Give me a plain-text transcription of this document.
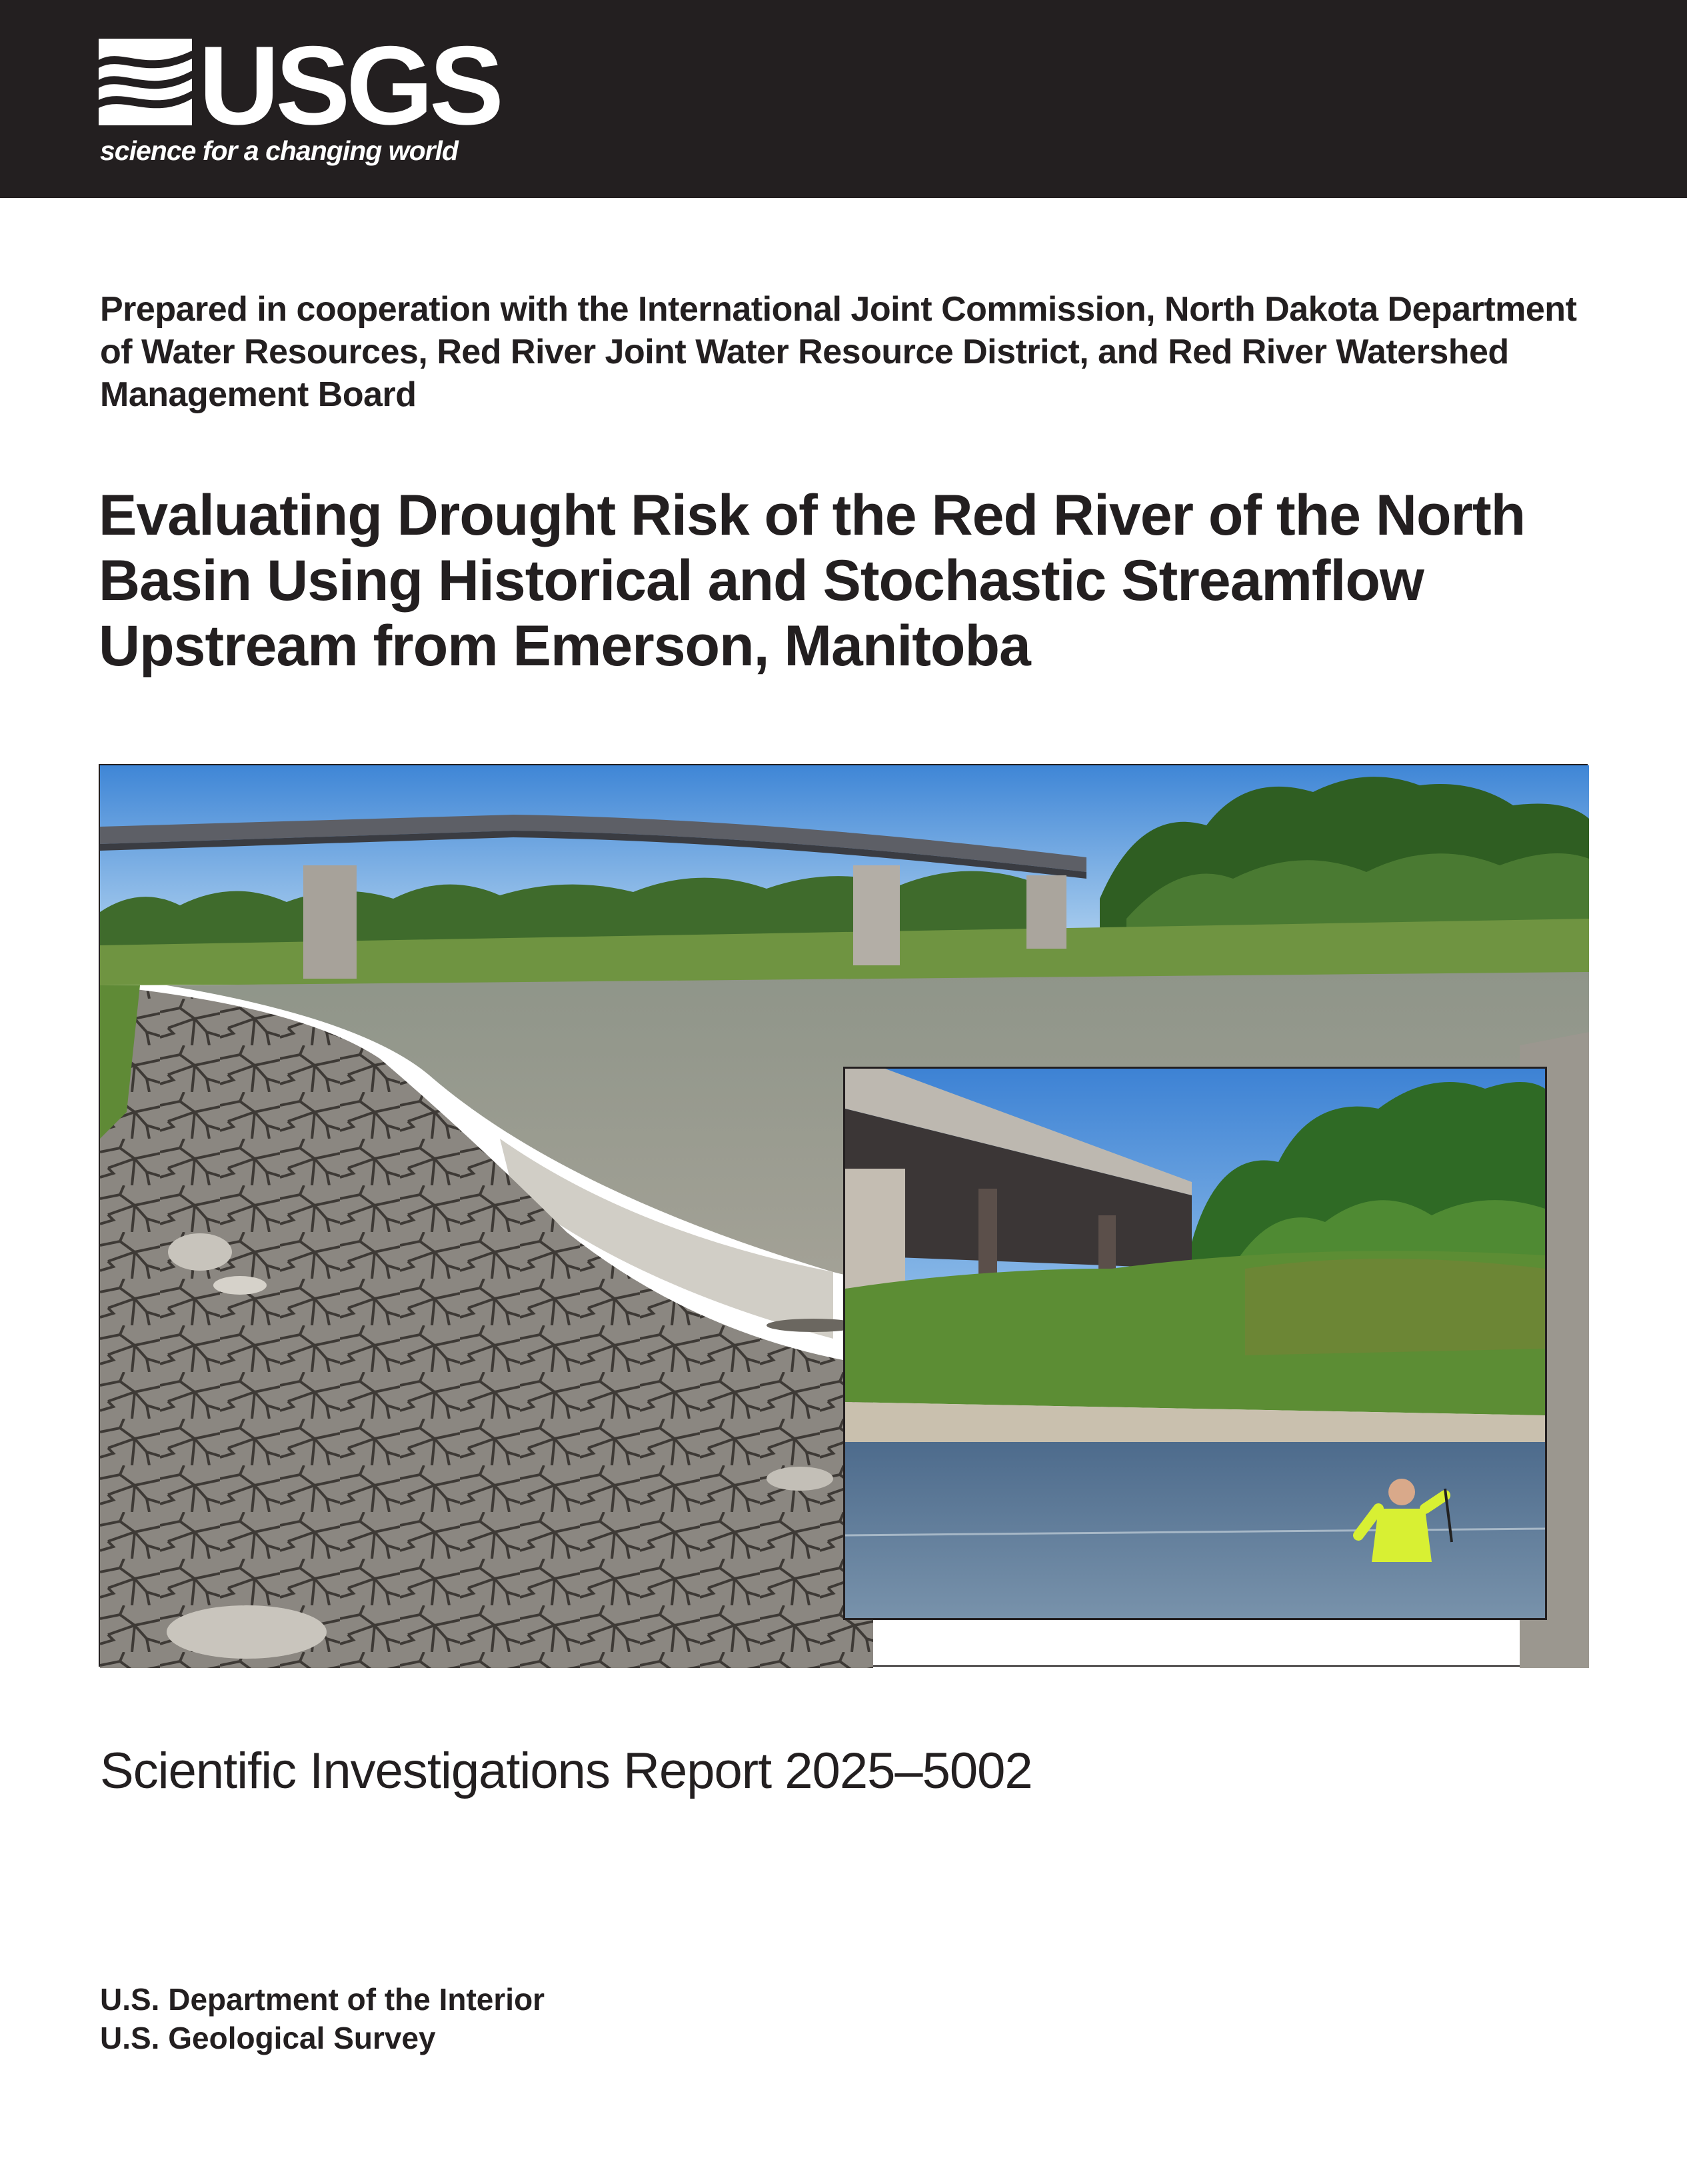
USGS
science for a changing world
Prepared in cooperation with the International Joint Commission, North Dakota Department of Water Resources, Red River Joint Water Resource District, and Red River Watershed Management Board
Evaluating Drought Risk of the Red River of the North Basin Using Historical and Stochastic Streamflow Upstream from Emerson, Manitoba
Scientific Investigations Report 2025–5002
U.S. Department of the Interior
U.S. Geological Survey
